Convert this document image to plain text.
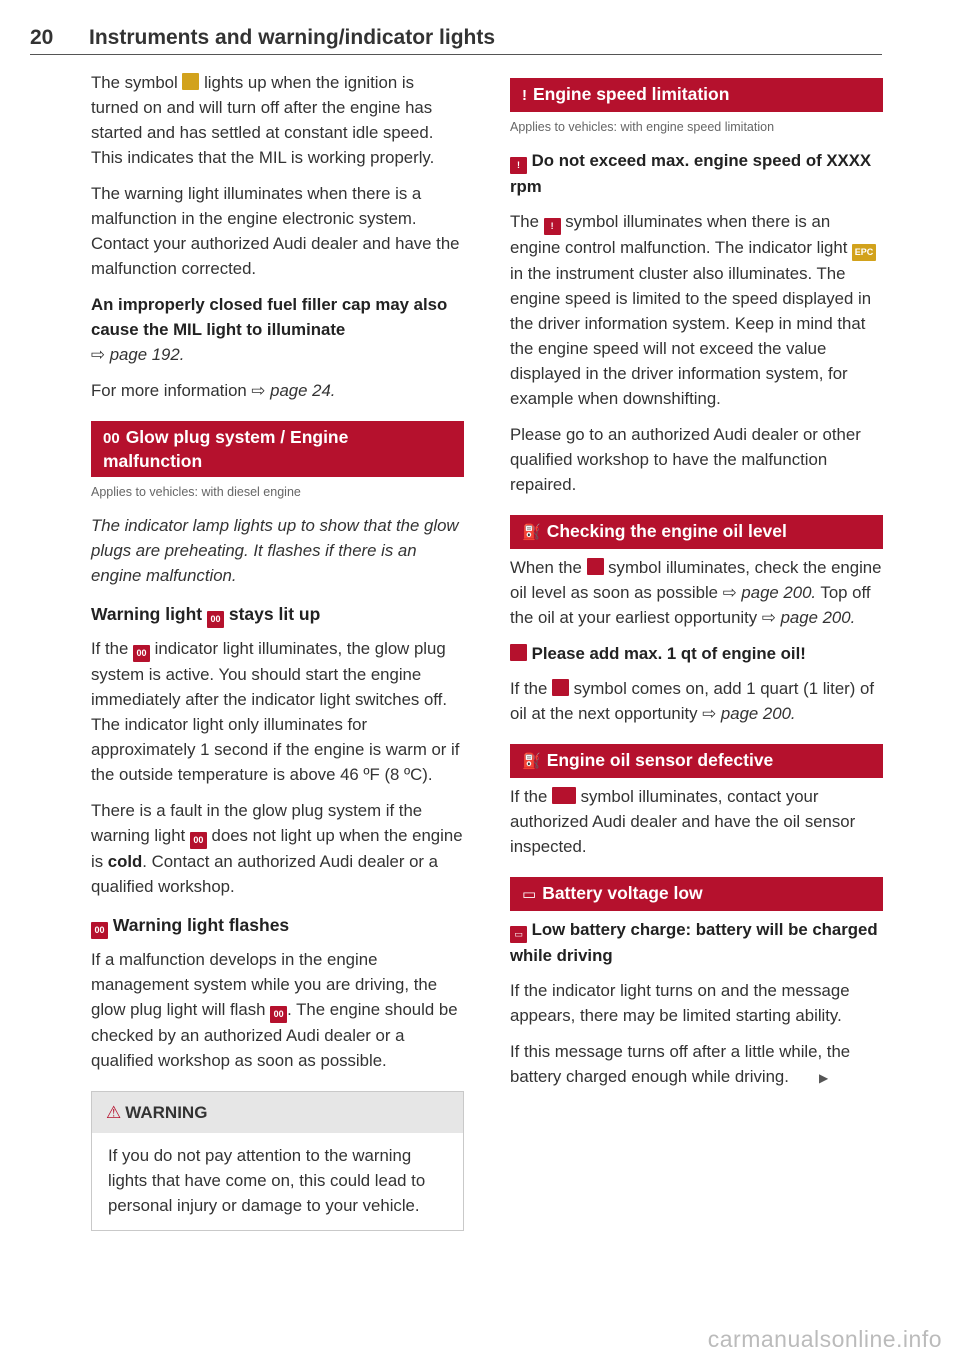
20 Instruments and warning/indicator lights

The symbol  lights up when the ignition is turned on and will turn off after the engine has started and has settled at constant idle speed. This indicates that the MIL is working properly.

The warning light illuminates when there is a malfunction in the engine electronic system. Contact your authorized Audi dealer and have the malfunction corrected.

An improperly closed fuel filler cap may also cause the MIL light to illuminate
⇨ page 192.

For more information ⇨ page 24.

00 Glow plug system / Engine malfunction
Applies to vehicles: with diesel engine

The indicator lamp lights up to show that the glow plugs are preheating. It flashes if there is an engine malfunction.

Warning light 00 stays lit up

If the 00 indicator light illuminates, the glow plug system is active. You should start the engine immediately after the indicator light switches off. The indicator light only illuminates for approximately 1 second if the engine is warm or if the outside temperature is above 46 ºF (8 ºC).

There is a fault in the glow plug system if the warning light 00 does not light up when the engine is cold. Contact an authorized Audi dealer or a qualified workshop.

00 Warning light flashes

If a malfunction develops in the engine management system while you are driving, the glow plug light will flash 00 . The engine should be checked by an authorized Audi dealer or a qualified workshop as soon as possible.

⚠ WARNING
If you do not pay attention to the warning lights that have come on, this could lead to personal injury or damage to your vehicle.
! Engine speed limitation
Applies to vehicles: with engine speed limitation
! Do not exceed max. engine speed of XXXX rpm

The ! symbol illuminates when there is an engine control malfunction. The indicator light EPC in the instrument cluster also illuminates. The engine speed is limited to the speed displayed in the driver information system. Keep in mind that the engine speed will not exceed the value displayed in the driver information system, for example when downshifting.

Please go to an authorized Audi dealer or other qualified workshop to have the malfunction repaired.

⛽ Checking the engine oil level

When the  symbol illuminates, check the engine oil level as soon as possible ⇨ page 200. Top off the oil at your earliest opportunity ⇨ page 200.

Please add max. 1 qt of engine oil!

If the  symbol comes on, add 1 quart (1 liter) of oil at the next opportunity ⇨ page 200.

⛽ Engine oil sensor defective

If the  symbol illuminates, contact your authorized Audi dealer and have the oil sensor inspected.

▭ Battery voltage low
▭ Low battery charge: battery will be charged while driving

If the indicator light turns on and the message appears, there may be limited starting ability.

If this message turns off after a little while, the battery charged enough while driving.	▶

carmanualsonline.info
